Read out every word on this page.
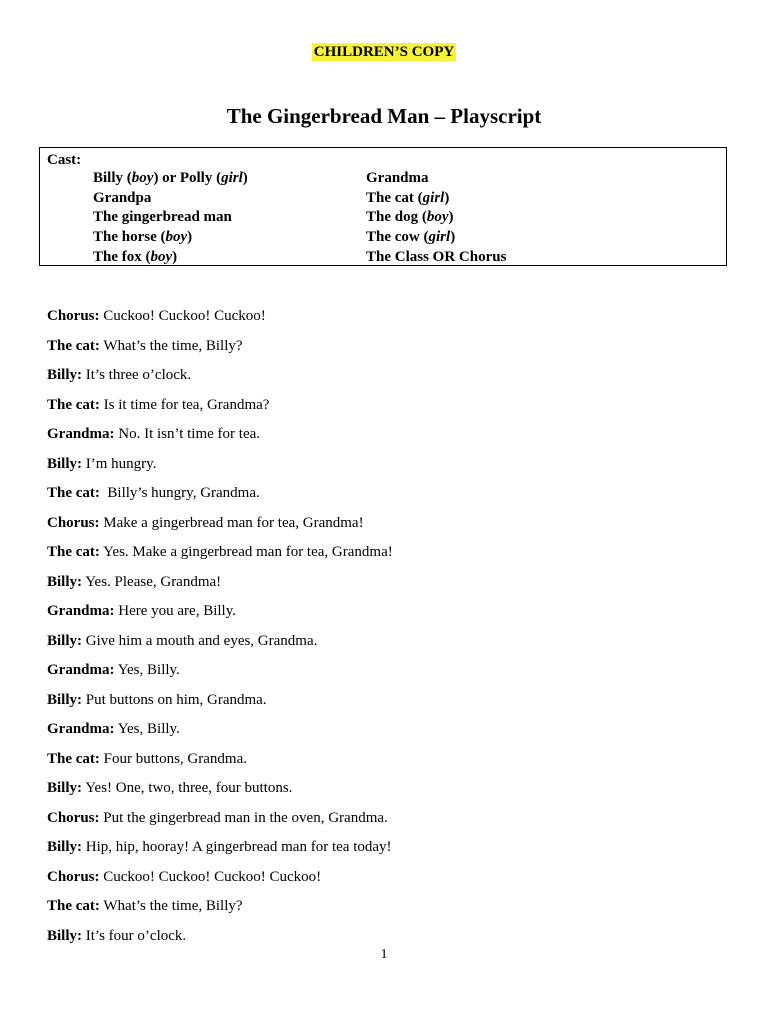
CHILDREN’S COPY
The Gingerbread Man – Playscript
Cast:
Billy (boy) or Polly (girl)
Grandpa
The gingerbread man
The horse (boy)
The fox (boy)
Grandma
The cat (girl)
The dog (boy)
The cow (girl)
The Class OR Chorus
Chorus: Cuckoo! Cuckoo! Cuckoo!
The cat: What’s the time, Billy?
Billy: It’s three o’clock.
The cat: Is it time for tea, Grandma?
Grandma: No. It isn’t time for tea.
Billy: I’m hungry.
The cat:  Billy’s hungry, Grandma.
Chorus: Make a gingerbread man for tea, Grandma!
The cat: Yes. Make a gingerbread man for tea, Grandma!
Billy: Yes. Please, Grandma!
Grandma: Here you are, Billy.
Billy: Give him a mouth and eyes, Grandma.
Grandma: Yes, Billy.
Billy: Put buttons on him, Grandma.
Grandma: Yes, Billy.
The cat: Four buttons, Grandma.
Billy: Yes! One, two, three, four buttons.
Chorus: Put the gingerbread man in the oven, Grandma.
Billy: Hip, hip, hooray! A gingerbread man for tea today!
Chorus: Cuckoo! Cuckoo! Cuckoo! Cuckoo!
The cat: What’s the time, Billy?
Billy: It’s four o’clock.
1
